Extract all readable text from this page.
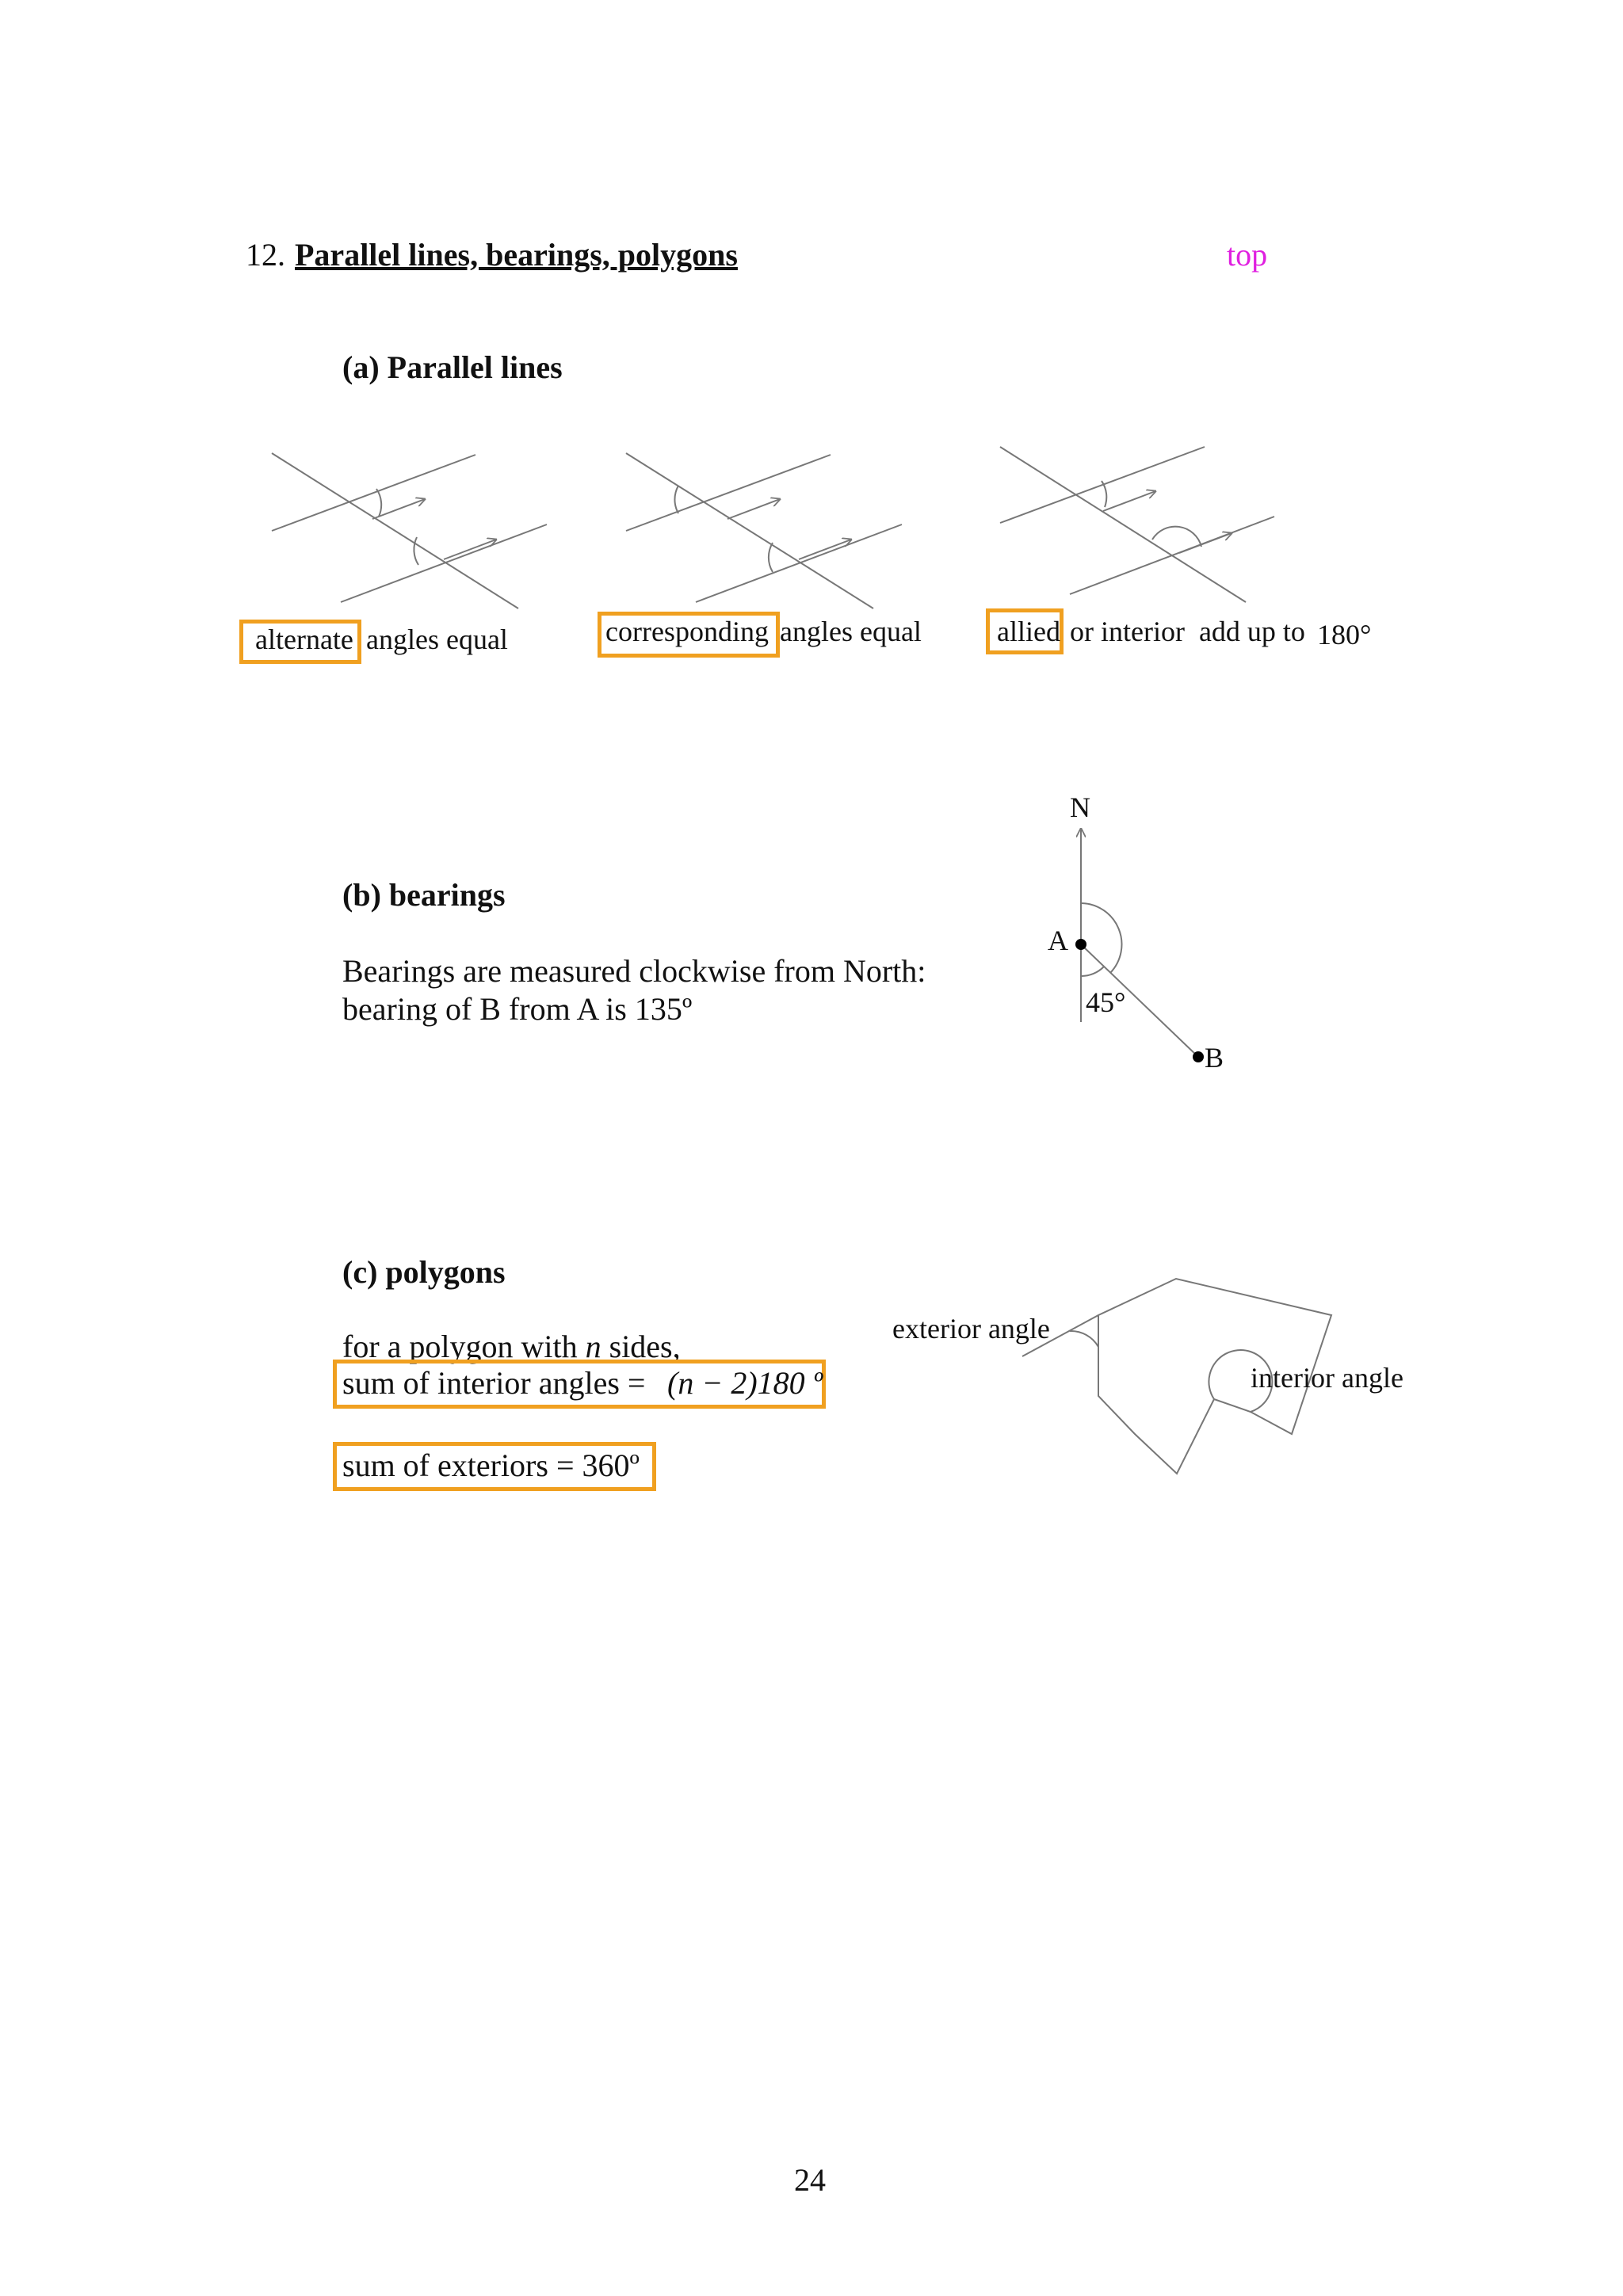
12. Parallel lines, bearings, polygons	top
(a) Parallel lines
alternate angles equal	corresponding angles equal	allied or interior  add up to 180°
(b) bearings
Bearings are measured clockwise from North:
bearing of B from A is 135º
N
A
B
45°
(c) polygons
for a polygon with n sides,
sum of interior angles = (n − 2)180 º
sum of exteriors = 360º
exterior angle
interior angle
24
